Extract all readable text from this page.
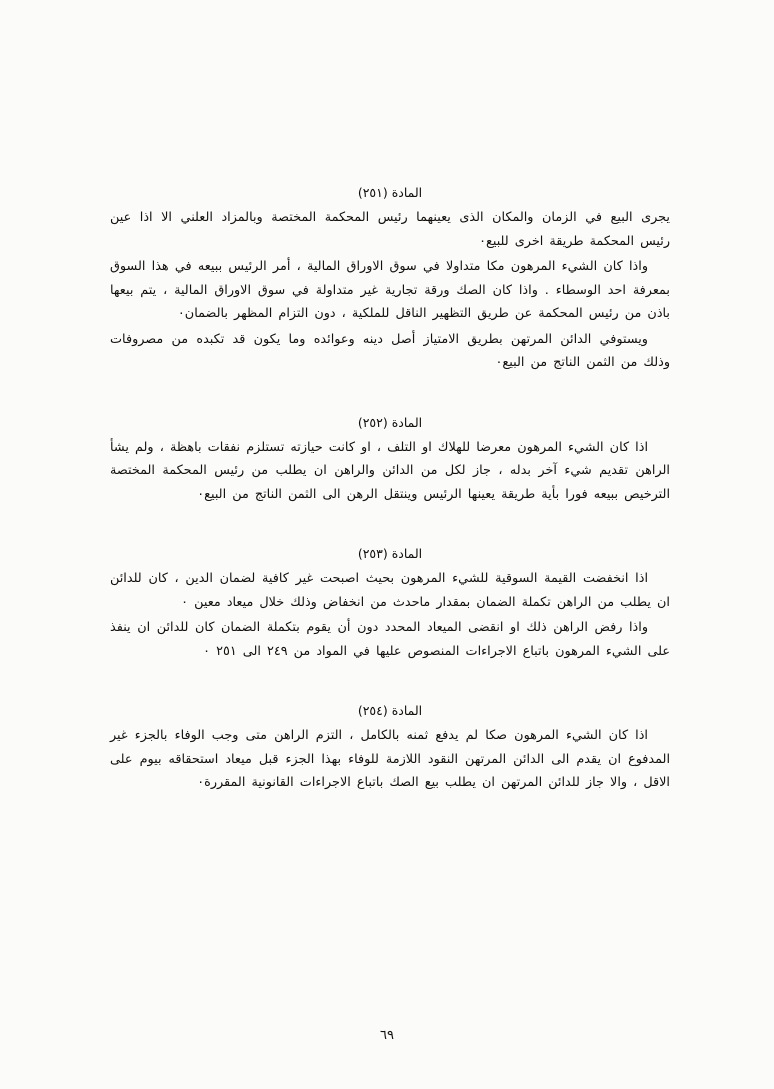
المادة (٢٥١)

يجرى البيع في الزمان والمكان الذى يعينهما رئيس المحكمة المختصة وبالمزاد العلني الا اذا عين رئيس المحكمة طريقة اخرى للبيع٠

واذا كان الشيء المرهون مكا متداولا في سوق الاوراق المالية ، أمر الرئيس ببيعه في هذا السوق بمعرفة احد الوسطاء . واذا كان الصك ورقة تجارية غير متداولة في سوق الاوراق المالية ، يتم بيعها باذن من رئيس المحكمة عن طريق التظهير الناقل للملكية ، دون التزام المظهر بالضمان٠

ويستوفي الدائن المرتهن بطريق الامتياز أصل دينه وعوائده وما يكون قد تكبده من مصروفات وذلك من الثمن الناتج من البيع٠

المادة (٢٥٢)

اذا كان الشيء المرهون معرضا للهلاك او التلف ، او كانت حيازته تستلزم نفقات باهظة ، ولم يشأ الراهن تقديم شيء آخر بدله ، جاز لكل من الدائن والراهن ان يطلب من رئيس المحكمة المختصة الترخيص ببيعه فورا بأية طريقة يعينها الرئيس وينتقل الرهن الى الثمن الناتج من البيع٠

المادة (٢٥٣)

اذا انخفضت القيمة السوقية للشيء المرهون بحيث اصبحت غير كافية لضمان الدين ، كان للدائن ان يطلب من الراهن تكملة الضمان بمقدار ماحدث من انخفاض وذلك خلال ميعاد معين ٠

واذا رفض الراهن ذلك او انقضى الميعاد المحدد دون أن يقوم بتكملة الضمان كان للدائن ان ينفذ على الشيء المرهون باتباع الاجراءات المنصوص عليها في المواد من ٢٤٩ الى ٢٥١ ٠

المادة (٢٥٤)

اذا كان الشيء المرهون صكا لم يدفع ثمنه بالكامل ، التزم الراهن متى وجب الوفاء بالجزء غير المدفوع ان يقدم الى الدائن المرتهن النقود اللازمة للوفاء بهذا الجزء قبل ميعاد استحقاقه بيوم على الاقل ، والا جاز للدائن المرتهن ان يطلب بيع الصك باتباع الاجراءات القانونية المقررة٠

٦٩
